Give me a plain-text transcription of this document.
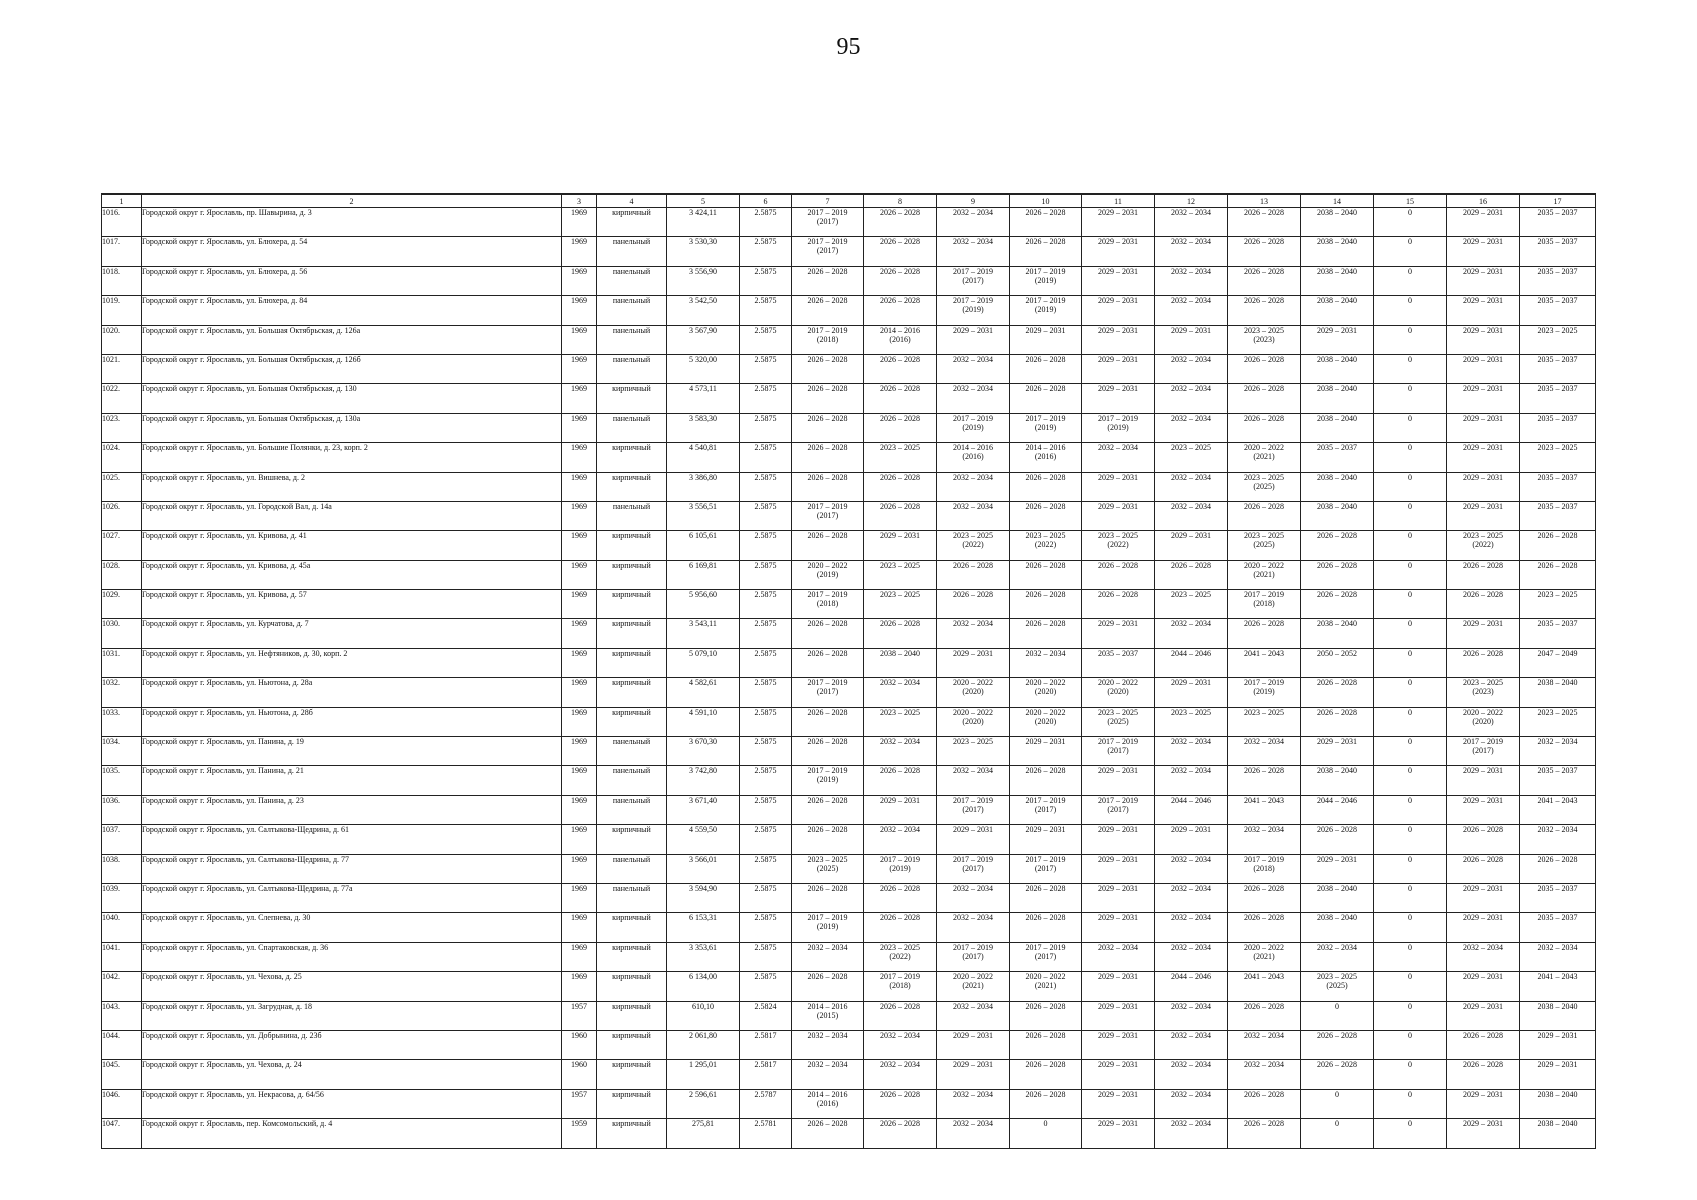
95
1	2	3	4	5	6	7	8	9	10	11	12	13	14	15	16	17
1016.	Городской округ г. Ярославль, пр. Шавырина, д. 3	1969	кирпичный	3 424,11	2.5875	2017 – 2019
(2017)	2026 – 2028	2032 – 2034	2026 – 2028	2029 – 2031	2032 – 2034	2026 – 2028	2038 – 2040	0	2029 – 2031	2035 – 2037
1017.	Городской округ г. Ярославль, ул. Блюхера, д. 54	1969	панельный	3 530,30	2.5875	2017 – 2019
(2017)	2026 – 2028	2032 – 2034	2026 – 2028	2029 – 2031	2032 – 2034	2026 – 2028	2038 – 2040	0	2029 – 2031	2035 – 2037
1018.	Городской округ г. Ярославль, ул. Блюхера, д. 56	1969	панельный	3 556,90	2.5875	2026 – 2028	2026 – 2028	2017 – 2019
(2017)	2017 – 2019
(2019)	2029 – 2031	2032 – 2034	2026 – 2028	2038 – 2040	0	2029 – 2031	2035 – 2037
1019.	Городской округ г. Ярославль, ул. Блюхера, д. 84	1969	панельный	3 542,50	2.5875	2026 – 2028	2026 – 2028	2017 – 2019
(2019)	2017 – 2019
(2019)	2029 – 2031	2032 – 2034	2026 – 2028	2038 – 2040	0	2029 – 2031	2035 – 2037
1020.	Городской округ г. Ярославль, ул. Большая Октябрьская, д. 126а	1969	панельный	3 567,90	2.5875	2017 – 2019
(2018)	2014 – 2016
(2016)	2029 – 2031	2029 – 2031	2029 – 2031	2029 – 2031	2023 – 2025
(2023)	2029 – 2031	0	2029 – 2031	2023 – 2025
1021.	Городской округ г. Ярославль, ул. Большая Октябрьская, д. 126б	1969	панельный	5 320,00	2.5875	2026 – 2028	2026 – 2028	2032 – 2034	2026 – 2028	2029 – 2031	2032 – 2034	2026 – 2028	2038 – 2040	0	2029 – 2031	2035 – 2037
1022.	Городской округ г. Ярославль, ул. Большая Октябрьская, д. 130	1969	кирпичный	4 573,11	2.5875	2026 – 2028	2026 – 2028	2032 – 2034	2026 – 2028	2029 – 2031	2032 – 2034	2026 – 2028	2038 – 2040	0	2029 – 2031	2035 – 2037
1023.	Городской округ г. Ярославль, ул. Большая Октябрьская, д. 130а	1969	панельный	3 583,30	2.5875	2026 – 2028	2026 – 2028	2017 – 2019
(2019)	2017 – 2019
(2019)	2017 – 2019
(2019)	2032 – 2034	2026 – 2028	2038 – 2040	0	2029 – 2031	2035 – 2037
1024.	Городской округ г. Ярославль, ул. Большие Полянки, д. 23, корп. 2	1969	кирпичный	4 540,81	2.5875	2026 – 2028	2023 – 2025	2014 – 2016
(2016)	2014 – 2016
(2016)	2032 – 2034	2023 – 2025	2020 – 2022
(2021)	2035 – 2037	0	2029 – 2031	2023 – 2025
1025.	Городской округ г. Ярославль, ул. Вишнева, д. 2	1969	кирпичный	3 386,80	2.5875	2026 – 2028	2026 – 2028	2032 – 2034	2026 – 2028	2029 – 2031	2032 – 2034	2023 – 2025
(2025)	2038 – 2040	0	2029 – 2031	2035 – 2037
1026.	Городской округ г. Ярославль, ул. Городской Вал, д. 14а	1969	панельный	3 556,51	2.5875	2017 – 2019
(2017)	2026 – 2028	2032 – 2034	2026 – 2028	2029 – 2031	2032 – 2034	2026 – 2028	2038 – 2040	0	2029 – 2031	2035 – 2037
1027.	Городской округ г. Ярославль, ул. Кривова, д. 41	1969	кирпичный	6 105,61	2.5875	2026 – 2028	2029 – 2031	2023 – 2025
(2022)	2023 – 2025
(2022)	2023 – 2025
(2022)	2029 – 2031	2023 – 2025
(2025)	2026 – 2028	0	2023 – 2025
(2022)	2026 – 2028
1028.	Городской округ г. Ярославль, ул. Кривова, д. 45а	1969	кирпичный	6 169,81	2.5875	2020 – 2022
(2019)	2023 – 2025	2026 – 2028	2026 – 2028	2026 – 2028	2026 – 2028	2020 – 2022
(2021)	2026 – 2028	0	2026 – 2028	2026 – 2028
1029.	Городской округ г. Ярославль, ул. Кривова, д. 57	1969	кирпичный	5 956,60	2.5875	2017 – 2019
(2018)	2023 – 2025	2026 – 2028	2026 – 2028	2026 – 2028	2023 – 2025	2017 – 2019
(2018)	2026 – 2028	0	2026 – 2028	2023 – 2025
1030.	Городской округ г. Ярославль, ул. Курчатова, д. 7	1969	кирпичный	3 543,11	2.5875	2026 – 2028	2026 – 2028	2032 – 2034	2026 – 2028	2029 – 2031	2032 – 2034	2026 – 2028	2038 – 2040	0	2029 – 2031	2035 – 2037
1031.	Городской округ г. Ярославль, ул. Нефтяников, д. 30, корп. 2	1969	кирпичный	5 079,10	2.5875	2026 – 2028	2038 – 2040	2029 – 2031	2032 – 2034	2035 – 2037	2044 – 2046	2041 – 2043	2050 – 2052	0	2026 – 2028	2047 – 2049
1032.	Городской округ г. Ярославль, ул. Ньютона, д. 28а	1969	кирпичный	4 582,61	2.5875	2017 – 2019
(2017)	2032 – 2034	2020 – 2022
(2020)	2020 – 2022
(2020)	2020 – 2022
(2020)	2029 – 2031	2017 – 2019
(2019)	2026 – 2028	0	2023 – 2025
(2023)	2038 – 2040
1033.	Городской округ г. Ярославль, ул. Ньютона, д. 28б	1969	кирпичный	4 591,10	2.5875	2026 – 2028	2023 – 2025	2020 – 2022
(2020)	2020 – 2022
(2020)	2023 – 2025
(2025)	2023 – 2025	2023 – 2025	2026 – 2028	0	2020 – 2022
(2020)	2023 – 2025
1034.	Городской округ г. Ярославль, ул. Панина, д. 19	1969	панельный	3 670,30	2.5875	2026 – 2028	2032 – 2034	2023 – 2025	2029 – 2031	2017 – 2019
(2017)	2032 – 2034	2032 – 2034	2029 – 2031	0	2017 – 2019
(2017)	2032 – 2034
1035.	Городской округ г. Ярославль, ул. Панина, д. 21	1969	панельный	3 742,80	2.5875	2017 – 2019
(2019)	2026 – 2028	2032 – 2034	2026 – 2028	2029 – 2031	2032 – 2034	2026 – 2028	2038 – 2040	0	2029 – 2031	2035 – 2037
1036.	Городской округ г. Ярославль, ул. Панина, д. 23	1969	панельный	3 671,40	2.5875	2026 – 2028	2029 – 2031	2017 – 2019
(2017)	2017 – 2019
(2017)	2017 – 2019
(2017)	2044 – 2046	2041 – 2043	2044 – 2046	0	2029 – 2031	2041 – 2043
1037.	Городской округ г. Ярославль, ул. Салтыкова-Щедрина, д. 61	1969	кирпичный	4 559,50	2.5875	2026 – 2028	2032 – 2034	2029 – 2031	2029 – 2031	2029 – 2031	2029 – 2031	2032 – 2034	2026 – 2028	0	2026 – 2028	2032 – 2034
1038.	Городской округ г. Ярославль, ул. Салтыкова-Щедрина, д. 77	1969	панельный	3 566,01	2.5875	2023 – 2025
(2025)	2017 – 2019
(2019)	2017 – 2019
(2017)	2017 – 2019
(2017)	2029 – 2031	2032 – 2034	2017 – 2019
(2018)	2029 – 2031	0	2026 – 2028	2026 – 2028
1039.	Городской округ г. Ярославль, ул. Салтыкова-Щедрина, д. 77а	1969	панельный	3 594,90	2.5875	2026 – 2028	2026 – 2028	2032 – 2034	2026 – 2028	2029 – 2031	2032 – 2034	2026 – 2028	2038 – 2040	0	2029 – 2031	2035 – 2037
1040.	Городской округ г. Ярославль, ул. Слепнева, д. 30	1969	кирпичный	6 153,31	2.5875	2017 – 2019
(2019)	2026 – 2028	2032 – 2034	2026 – 2028	2029 – 2031	2032 – 2034	2026 – 2028	2038 – 2040	0	2029 – 2031	2035 – 2037
1041.	Городской округ г. Ярославль, ул. Спартаковская, д. 36	1969	кирпичный	3 353,61	2.5875	2032 – 2034	2023 – 2025
(2022)	2017 – 2019
(2017)	2017 – 2019
(2017)	2032 – 2034	2032 – 2034	2020 – 2022
(2021)	2032 – 2034	0	2032 – 2034	2032 – 2034
1042.	Городской округ г. Ярославль, ул. Чехова, д. 25	1969	кирпичный	6 134,00	2.5875	2026 – 2028	2017 – 2019
(2018)	2020 – 2022
(2021)	2020 – 2022
(2021)	2029 – 2031	2044 – 2046	2041 – 2043	2023 – 2025
(2025)	0	2029 – 2031	2041 – 2043
1043.	Городской округ г. Ярославль, ул. Загрудная, д. 18	1957	кирпичный	610,10	2.5824	2014 – 2016
(2015)	2026 – 2028	2032 – 2034	2026 – 2028	2029 – 2031	2032 – 2034	2026 – 2028	0	0	2029 – 2031	2038 – 2040
1044.	Городской округ г. Ярославль, ул. Добрынина, д. 23б	1960	кирпичный	2 061,80	2.5817	2032 – 2034	2032 – 2034	2029 – 2031	2026 – 2028	2029 – 2031	2032 – 2034	2032 – 2034	2026 – 2028	0	2026 – 2028	2029 – 2031
1045.	Городской округ г. Ярославль, ул. Чехова, д. 24	1960	кирпичный	1 295,01	2.5817	2032 – 2034	2032 – 2034	2029 – 2031	2026 – 2028	2029 – 2031	2032 – 2034	2032 – 2034	2026 – 2028	0	2026 – 2028	2029 – 2031
1046.	Городской округ г. Ярославль, ул. Некрасова, д. 64/56	1957	кирпичный	2 596,61	2.5787	2014 – 2016
(2016)	2026 – 2028	2032 – 2034	2026 – 2028	2029 – 2031	2032 – 2034	2026 – 2028	0	0	2029 – 2031	2038 – 2040
1047.	Городской округ г. Ярославль, пер. Комсомольский, д. 4	1959	кирпичный	275,81	2.5781	2026 – 2028	2026 – 2028	2032 – 2034	0	2029 – 2031	2032 – 2034	2026 – 2028	0	0	2029 – 2031	2038 – 2040
